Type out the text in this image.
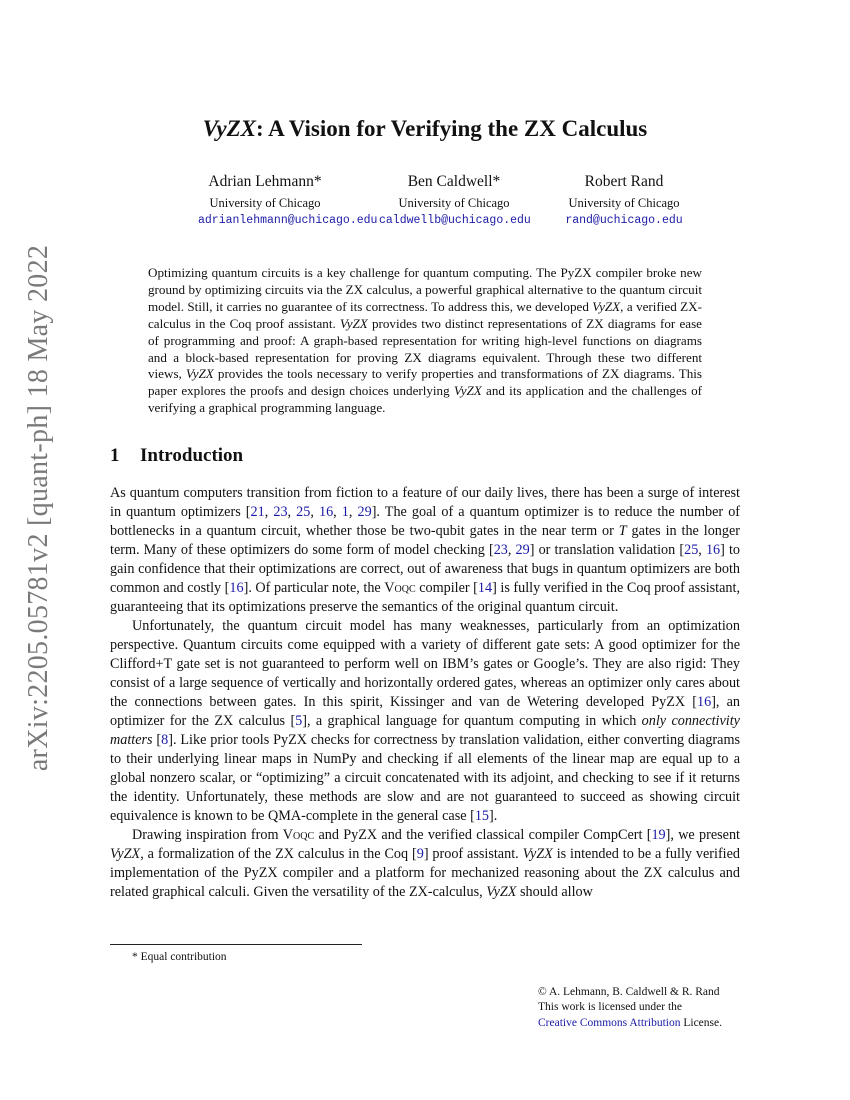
arXiv:2205.05781v2 [quant-ph] 18 May 2022
VyZX: A Vision for Verifying the ZX Calculus
Adrian Lehmann*
University of Chicago
adrianlehmann@uchicago.edu
Ben Caldwell*
University of Chicago
caldwellb@uchicago.edu
Robert Rand
University of Chicago
rand@uchicago.edu
Optimizing quantum circuits is a key challenge for quantum computing. The PyZX compiler broke new ground by optimizing circuits via the ZX calculus, a powerful graphical alternative to the quantum circuit model. Still, it carries no guarantee of its correctness. To address this, we developed VyZX, a verified ZX-calculus in the Coq proof assistant. VyZX provides two distinct representations of ZX diagrams for ease of programming and proof: A graph-based representation for writing high-level functions on diagrams and a block-based representation for proving ZX diagrams equivalent. Through these two different views, VyZX provides the tools necessary to verify properties and transformations of ZX diagrams. This paper explores the proofs and design choices underlying VyZX and its application and the challenges of verifying a graphical programming language.
1 Introduction

As quantum computers transition from fiction to a feature of our daily lives, there has been a surge of interest in quantum optimizers [21, 23, 25, 16, 1, 29]. The goal of a quantum optimizer is to reduce the number of bottlenecks in a quantum circuit, whether those be two-qubit gates in the near term or T gates in the longer term. Many of these optimizers do some form of model checking [23, 29] or translation validation [25, 16] to gain confidence that their optimizations are correct, out of awareness that bugs in quantum optimizers are both common and costly [16]. Of particular note, the Voqc compiler [14] is fully verified in the Coq proof assistant, guaranteeing that its optimizations preserve the semantics of the original quantum circuit.

Unfortunately, the quantum circuit model has many weaknesses, particularly from an optimization perspective. Quantum circuits come equipped with a variety of different gate sets: A good optimizer for the Clifford+T gate set is not guaranteed to perform well on IBM’s gates or Google’s. They are also rigid: They consist of a large sequence of vertically and horizontally ordered gates, whereas an optimizer only cares about the connections between gates. In this spirit, Kissinger and van de Wetering developed PyZX [16], an optimizer for the ZX calculus [5], a graphical language for quantum computing in which only connectivity matters [8]. Like prior tools PyZX checks for correctness by translation validation, either converting diagrams to their underlying linear maps in NumPy and checking if all elements of the linear map are equal up to a global nonzero scalar, or “optimizing” a circuit concatenated with its adjoint, and checking to see if it returns the identity. Unfortunately, these methods are slow and are not guaranteed to succeed as showing circuit equivalence is known to be QMA-complete in the general case [15].

Drawing inspiration from Voqc and PyZX and the verified classical compiler CompCert [19], we present VyZX, a formalization of the ZX calculus in the Coq [9] proof assistant. VyZX is intended to be a fully verified implementation of the PyZX compiler and a platform for mechanized reasoning about the ZX calculus and related graphical calculi. Given the versatility of the ZX-calculus, VyZX should allow

* Equal contribution
© A. Lehmann, B. Caldwell & R. Rand
This work is licensed under the
Creative Commons Attribution License.
